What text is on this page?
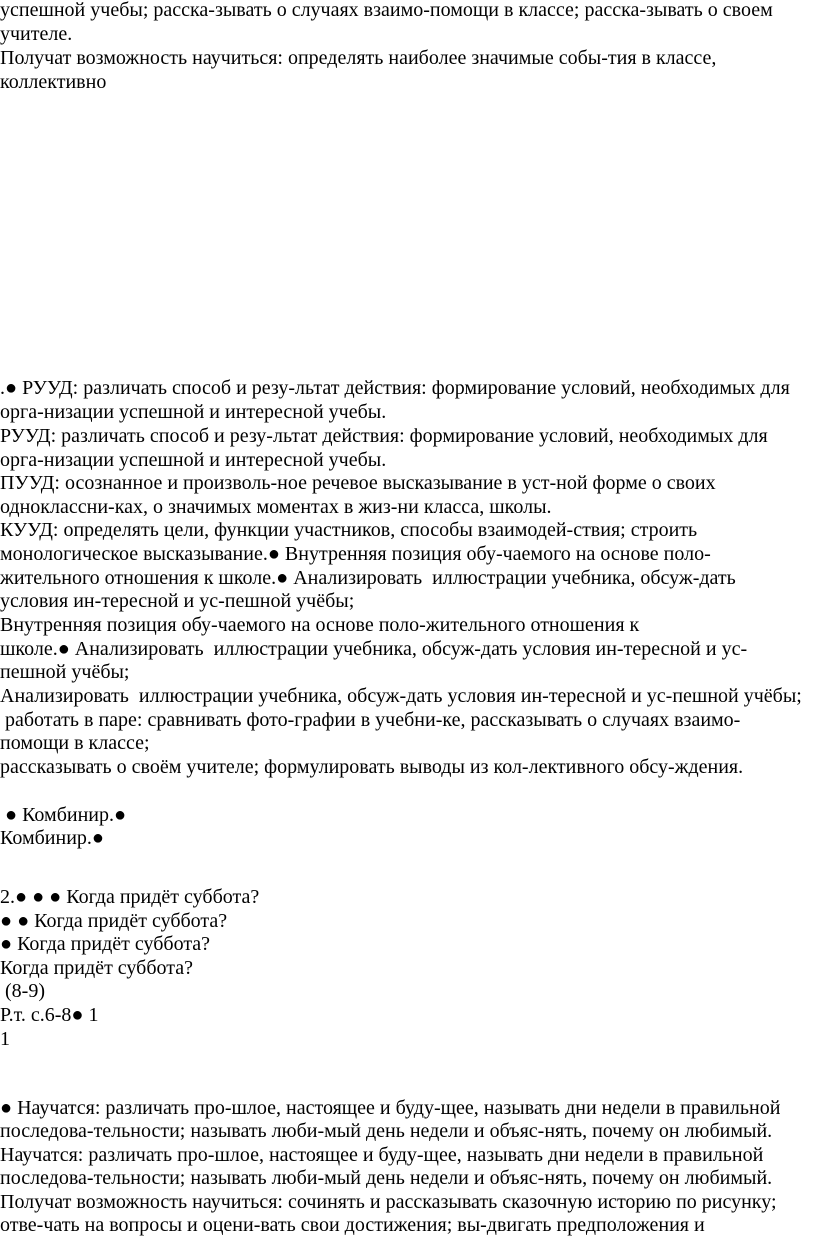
успешной учебы; расска-зывать о случаях взаимо-помощи в классе; расска-зывать о своем
учителе.
Получат возможность научиться: определять наиболее значимые собы-тия в классе,
коллективно
.● РУУД: различать способ и резу-льтат действия: формирование условий, необходимых для
орга-низации успешной и интересной учебы.
РУУД: различать способ и резу-льтат действия: формирование условий, необходимых для
орга-низации успешной и интересной учебы.
ПУУД: осознанное и произволь-ное речевое высказывание в уст-ной форме о своих
одноклассни-ках, о значимых моментах в жиз-ни класса, школы.
КУУД: определять цели, функции участников, способы взаимодей-ствия; строить
монологическое высказывание.● Внутренняя позиция обу-чаемого на основе поло-
жительного отношения к школе.● Анализировать  иллюстрации учебника, обсуж-дать
условия ин-тересной и ус-пешной учёбы;
Внутренняя позиция обу-чаемого на основе поло-жительного отношения к
школе.● Анализировать  иллюстрации учебника, обсуж-дать условия ин-тересной и ус-
пешной учёбы;
Анализировать  иллюстрации учебника, обсуж-дать условия ин-тересной и ус-пешной учёбы;
работать в паре: сравнивать фото-графии в учебни-ке, рассказывать о случаях взаимо-
помощи в классе;
рассказывать о своём учителе; формулировать выводы из кол-лективного обсу-ждения.
● Комбинир.●
Комбинир.●
2.● ● ● Когда придёт суббота?
● ● Когда придёт суббота?
● Когда придёт суббота?
Когда придёт суббота?
(8-9)
Р.т. с.6-8● 1
1
● Научатся: различать про-шлое, настоящее и буду-щее, называть дни недели в правильной
последова-тельности; называть люби-мый день недели и объяс-нять, почему он любимый.
Научатся: различать про-шлое, настоящее и буду-щее, называть дни недели в правильной
последова-тельности; называть люби-мый день недели и объяс-нять, почему он любимый.
Получат возможность научиться: сочинять и рассказывать сказочную историю по рисунку;
отве-чать на вопросы и оцени-вать свои достижения; вы-двигать предположения и
